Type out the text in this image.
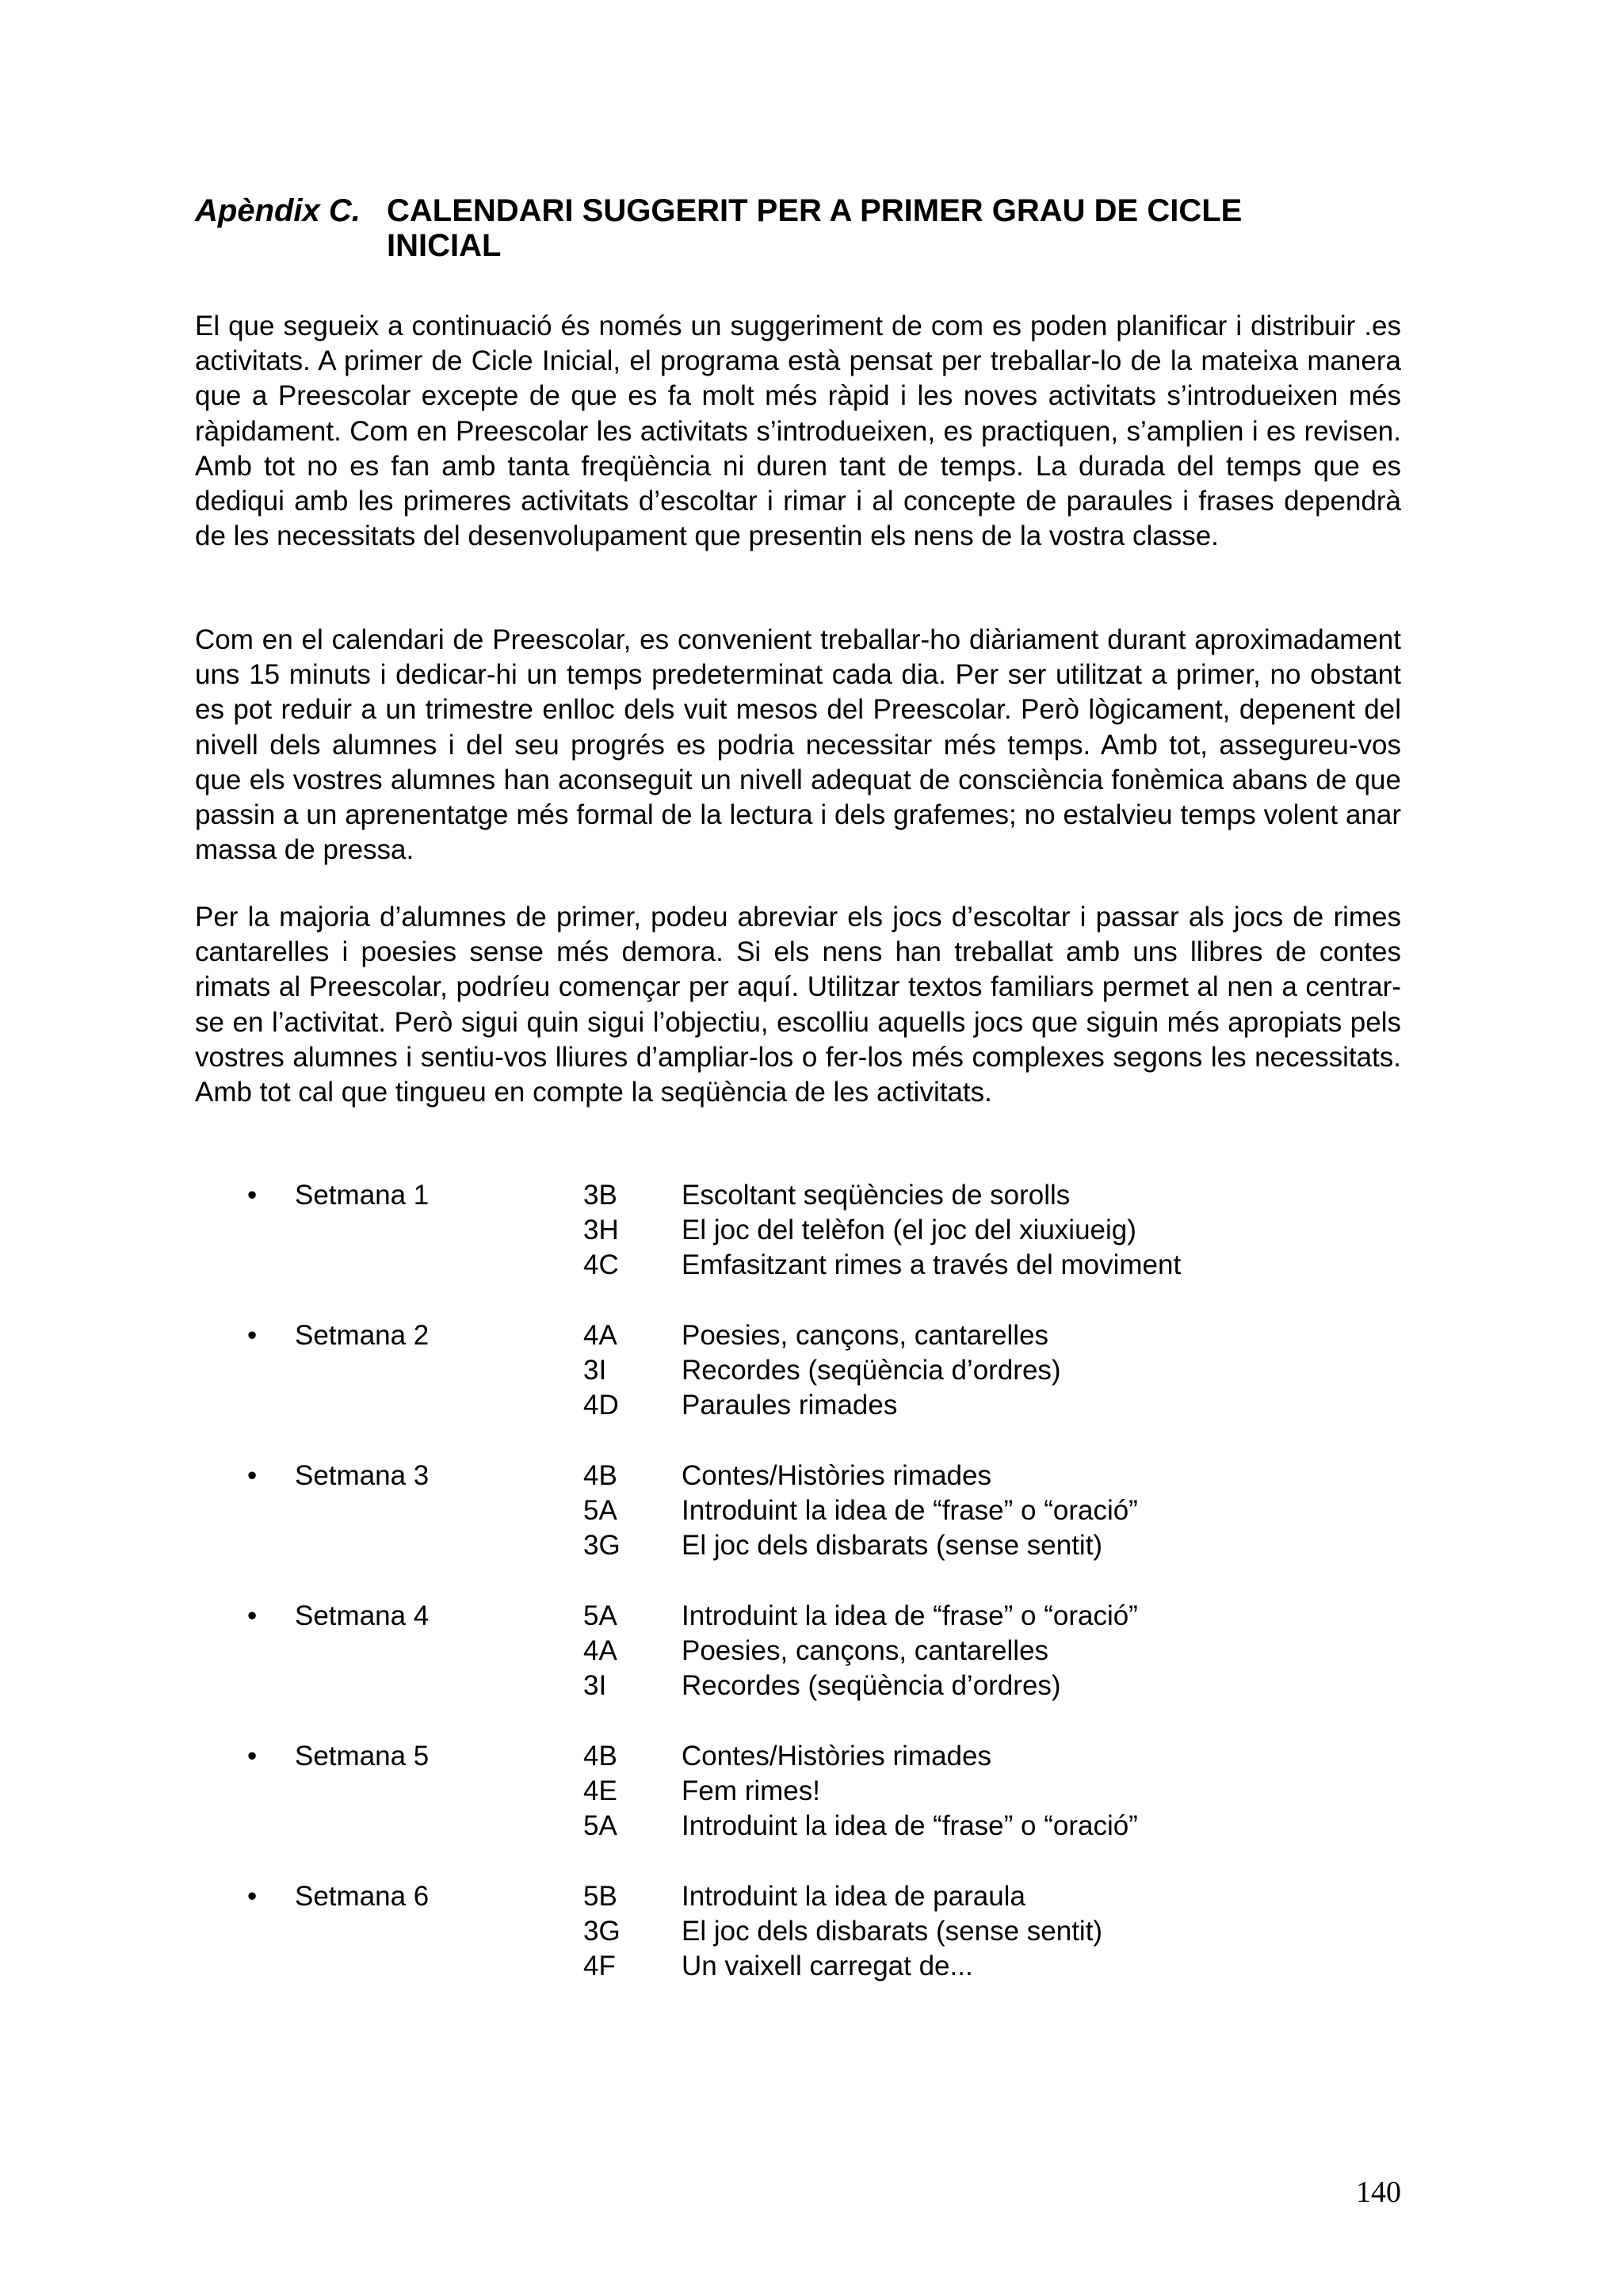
Apèndix C. CALENDARI SUGGERIT PER A PRIMER GRAU DE CICLE INICIAL

El que segueix a continuació és només un suggeriment de com es poden planificar i distribuir .es activitats. A primer de Cicle Inicial, el programa està pensat per treballar-lo de la mateixa manera que a Preescolar excepte de que es fa molt més ràpid i les noves activitats s’introdueixen més ràpidament. Com en Preescolar les activitats s’introdueixen, es practiquen, s’amplien i es revisen. Amb tot no es fan amb tanta freqüència ni duren tant de temps. La durada del temps que es dediqui amb les primeres activitats d’escoltar i rimar i al concepte de paraules i frases dependrà de les necessitats del desenvolupament que presentin els nens de la vostra classe.

Com en el calendari de Preescolar, es convenient treballar-ho diàriament durant aproximadament uns 15 minuts i dedicar-hi un temps predeterminat cada dia. Per ser utilitzat a primer, no obstant es pot reduir a un trimestre enlloc dels vuit mesos del Preescolar. Però lògicament, depenent del nivell dels alumnes i del seu progrés es podria necessitar més temps. Amb tot, assegureu-vos que els vostres alumnes han aconseguit un nivell adequat de consciència fonèmica abans de que passin a un aprenentatge més formal de la lectura i dels grafemes; no estalvieu temps volent anar massa de pressa.

Per la majoria d’alumnes de primer, podeu abreviar els jocs d’escoltar i passar als jocs de rimes cantarelles i poesies sense més demora. Si els nens han treballat amb uns llibres de contes rimats al Preescolar, podríeu començar per aquí. Utilitzar textos familiars permet al nen a centrar-se en l’activitat. Però sigui quin sigui l’objectiu, escolliu aquells jocs que siguin més apropiats pels vostres alumnes i sentiu-vos lliures d’ampliar-los o fer-los més complexes segons les necessitats. Amb tot cal que tingueu en compte la seqüència de les activitats.

• Setmana 1	3B	Escoltant seqüències de sorolls
3H	El joc del telèfon (el joc del xiuxiueig)
4C	Emfasitzant rimes a través del moviment
• Setmana 2	4A	Poesies, cançons, cantarelles
3I	Recordes (seqüència d’ordres)
4D	Paraules rimades
• Setmana 3	4B	Contes/Històries rimades
5A	Introduint la idea de “frase” o “oració”
3G	El joc dels disbarats (sense sentit)
• Setmana 4	5A	Introduint la idea de “frase” o “oració”
4A	Poesies, cançons, cantarelles
3I	Recordes (seqüència d’ordres)
• Setmana 5	4B	Contes/Històries rimades
4E	Fem rimes!
5A	Introduint la idea de “frase” o “oració”
• Setmana 6	5B	Introduint la idea de paraula
3G	El joc dels disbarats (sense sentit)
4F	Un vaixell carregat de...
140
